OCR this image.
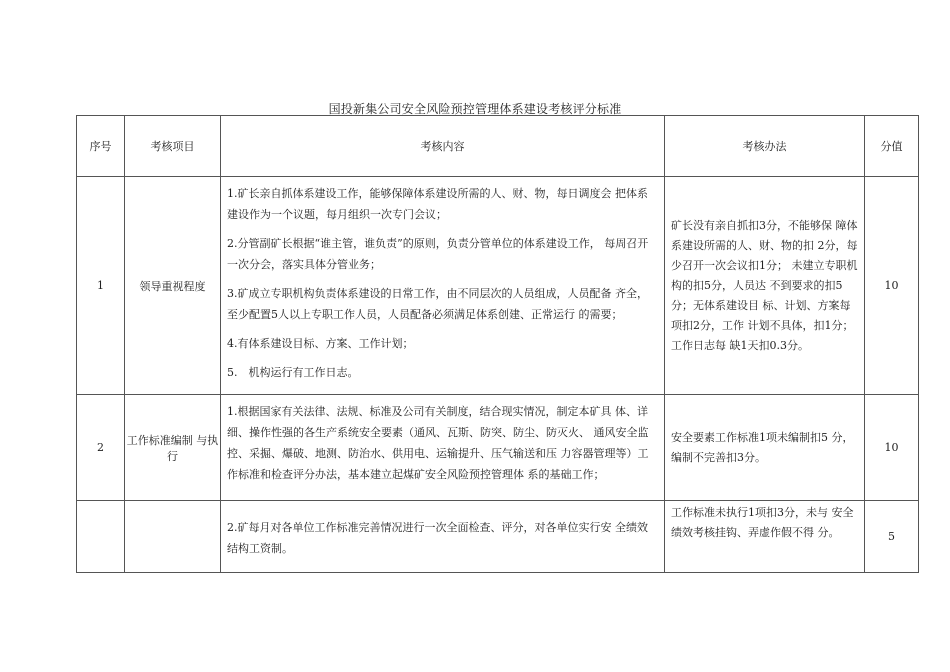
国投新集公司安全风险预控管理体系建设考核评分标准
序号	考核项目	考核内容	考核办法	分值
1	领导重视程度	1.矿长亲自抓体系建设工作，能够保障体系建设所需的人、财、物，每日调度会 把体系建设作为一个议题，每月组织一次专门会议；

2.分管副矿长根据“谁主管，谁负责”的原则，负责分管单位的体系建设工作， 每周召开一次分会，落实具体分管业务；

3.矿成立专职机构负责体系建设的日常工作，由不同层次的人员组成，人员配备 齐全，至少配置5人以上专职工作人员，人员配备必须满足体系创建、正常运行 的需要；

4.有体系建设目标、方案、工作计划；

5.　机构运行有工作日志。	矿长没有亲自抓扣3分，不能够保 障体系建设所需的人、财、物的扣 2分，每少召开一次会议扣1分； 未建立专职机构的扣5分，人员达 不到要求的扣5分；无体系建设目 标、计划、方案每项扣2分，工作 计划不具体，扣1分；工作日志每 缺1天扣0.3分。	10
2	工作标准编制 与执行	1.根据国家有关法律、法规、标准及公司有关制度，结合现实情况，制定本矿具 体、详细、操作性强的各生产系统安全要素（通风、瓦斯、防突、防尘、防灭火、 通风安全监控、采掘、爆破、地测、防治水、供用电、运输提升、压气输送和压 力容器管理等）工作标准和检查评分办法，基本建立起煤矿安全风险预控管理体 系的基础工作；	安全要素工作标准1项未编制扣5 分，编制不完善扣3分。	10

		2.矿每月对各单位工作标准完善情况进行一次全面检查、评分，对各单位实行安 全绩效结构工资制。	工作标准未执行1项扣3分，未与 安全绩效考核挂钩、弄虚作假不得 分。	5
